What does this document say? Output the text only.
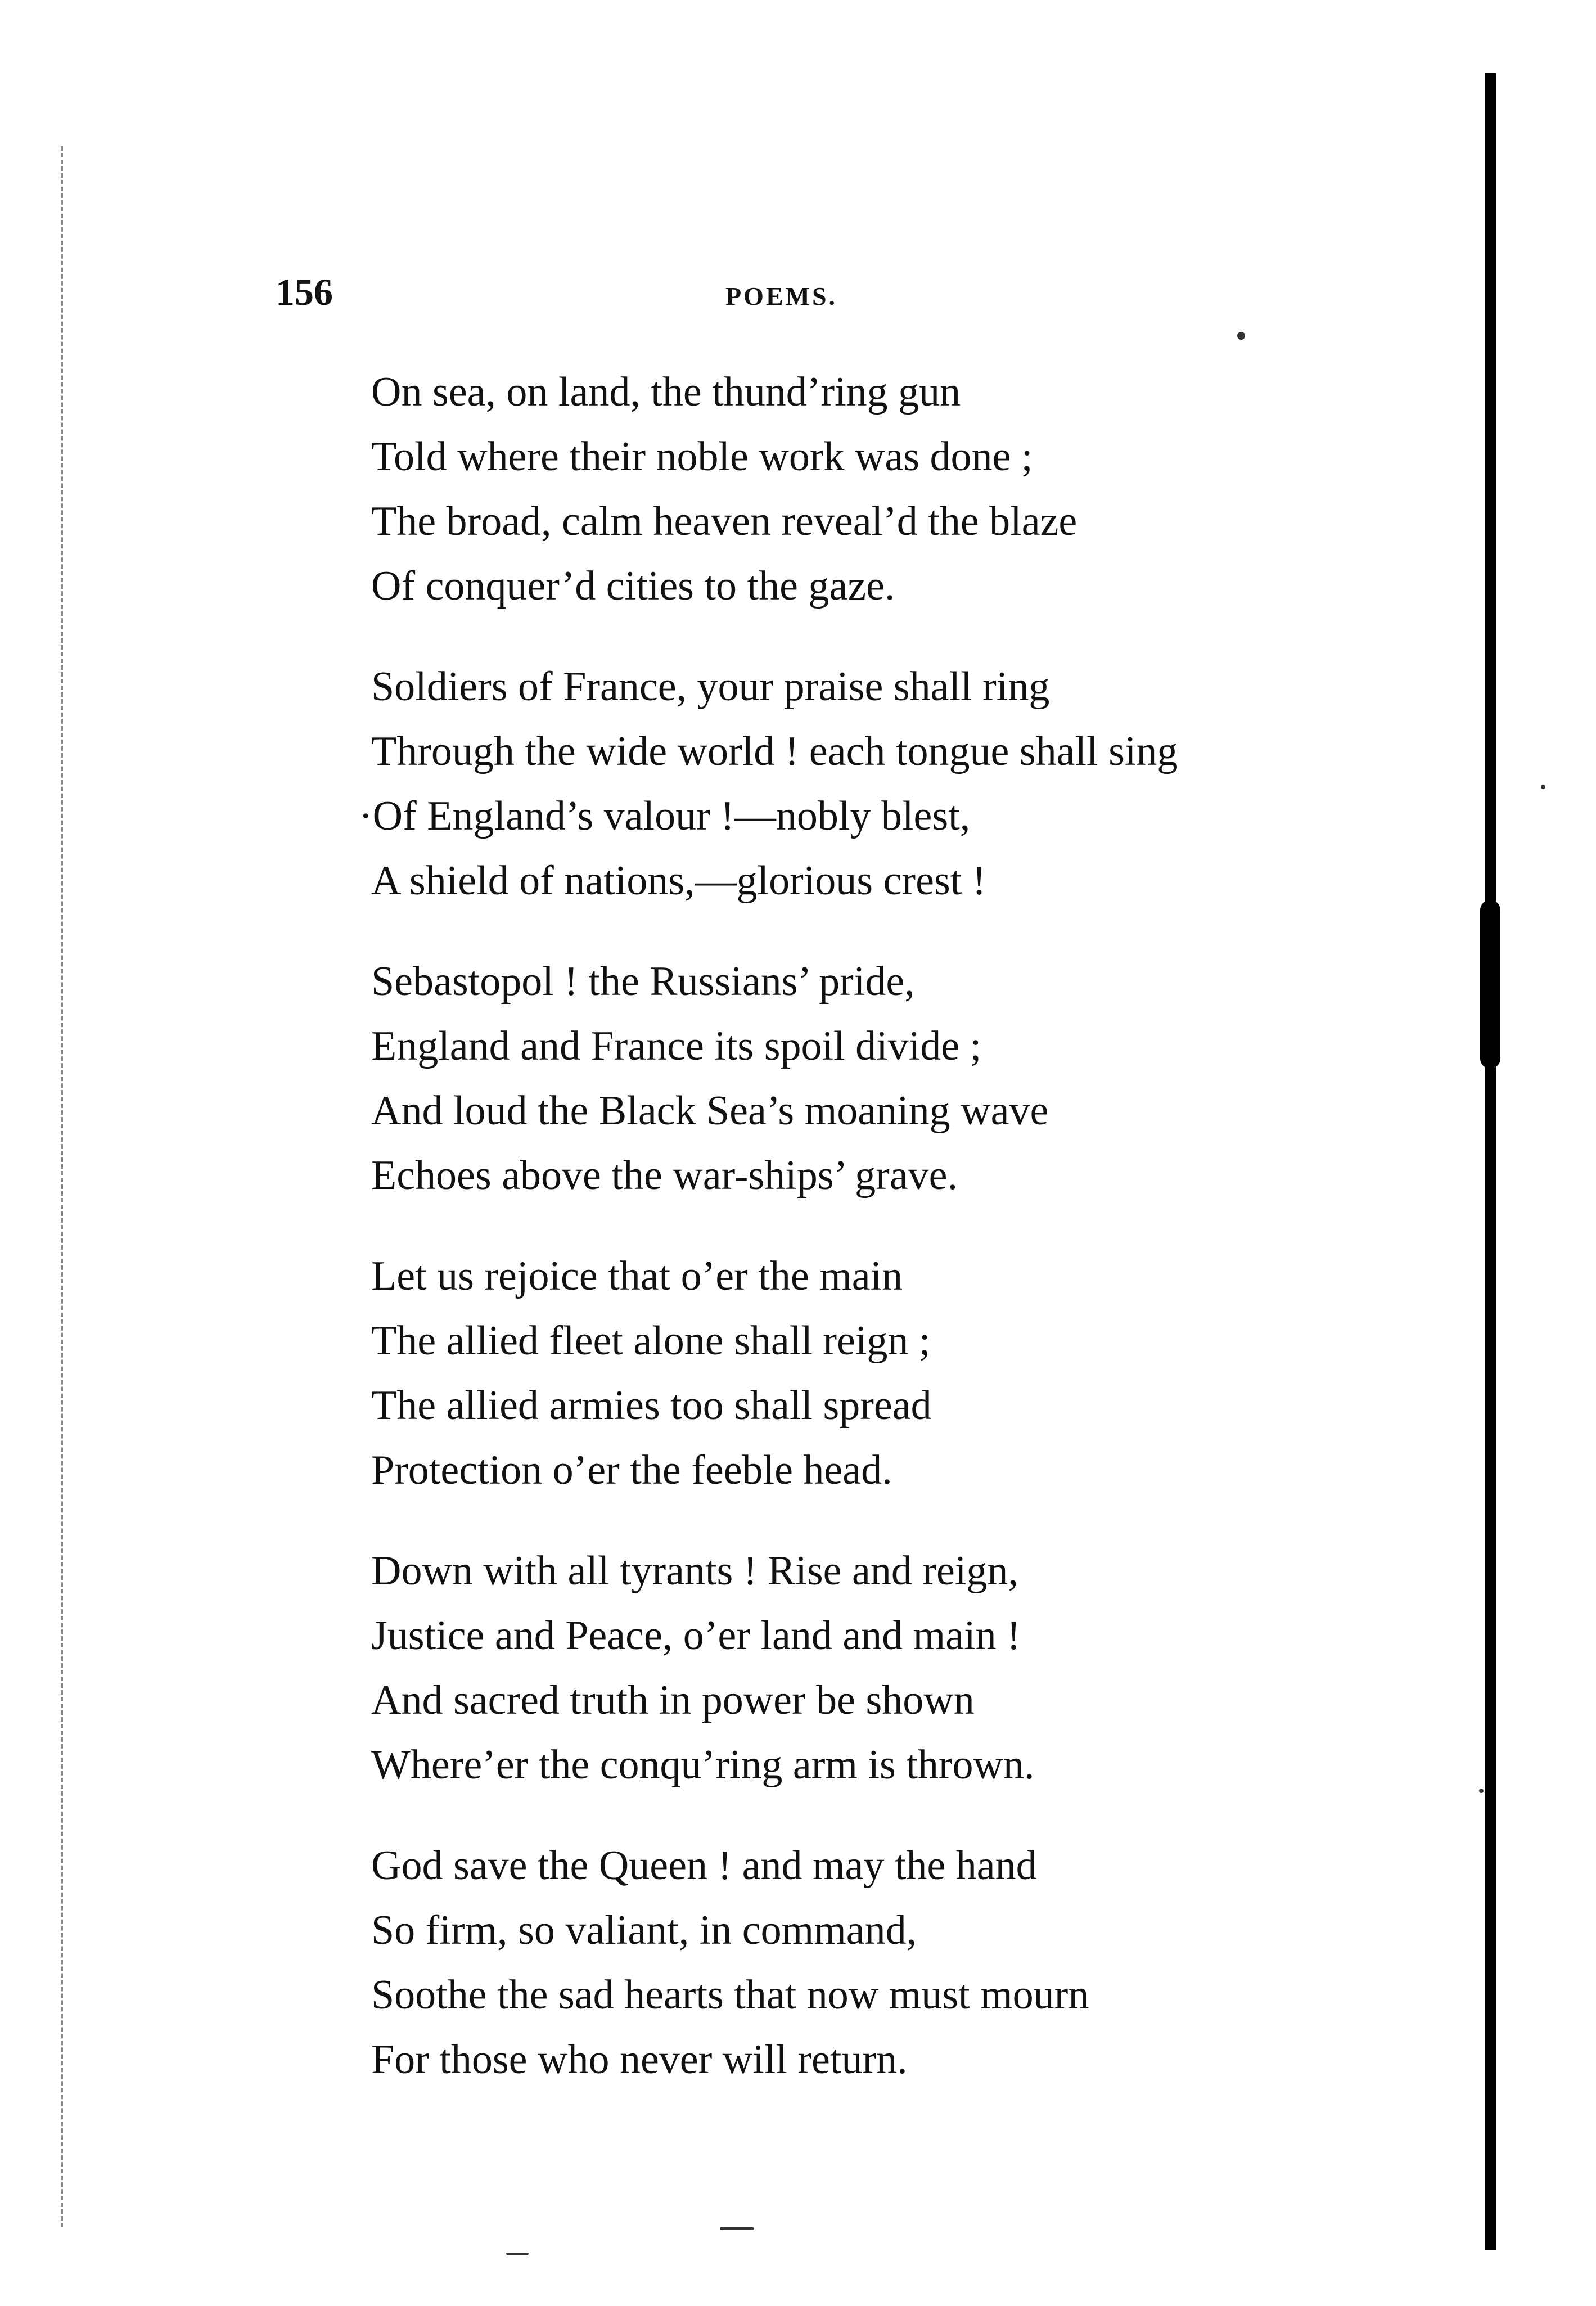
156	POEMS.
On sea, on land, the thund’ring gun
Told where their noble work was done ;
The broad, calm heaven reveal’d the blaze
Of conquer’d cities to the gaze.
Soldiers of France, your praise shall ring
Through the wide world ! each tongue shall sing
·Of England’s valour !—nobly blest,
A shield of nations,—glorious crest !
Sebastopol ! the Russians’ pride,
England and France its spoil divide ;
And loud the Black Sea’s moaning wave
Echoes above the war-ships’ grave.
Let us rejoice that o’er the main
The allied fleet alone shall reign ;
The allied armies too shall spread
Protection o’er the feeble head.
Down with all tyrants ! Rise and reign,
Justice and Peace, o’er land and main !
And sacred truth in power be shown
Where’er the conqu’ring arm is thrown.
God save the Queen ! and may the hand
So firm, so valiant, in command,
Soothe the sad hearts that now must mourn
For those who never will return.
